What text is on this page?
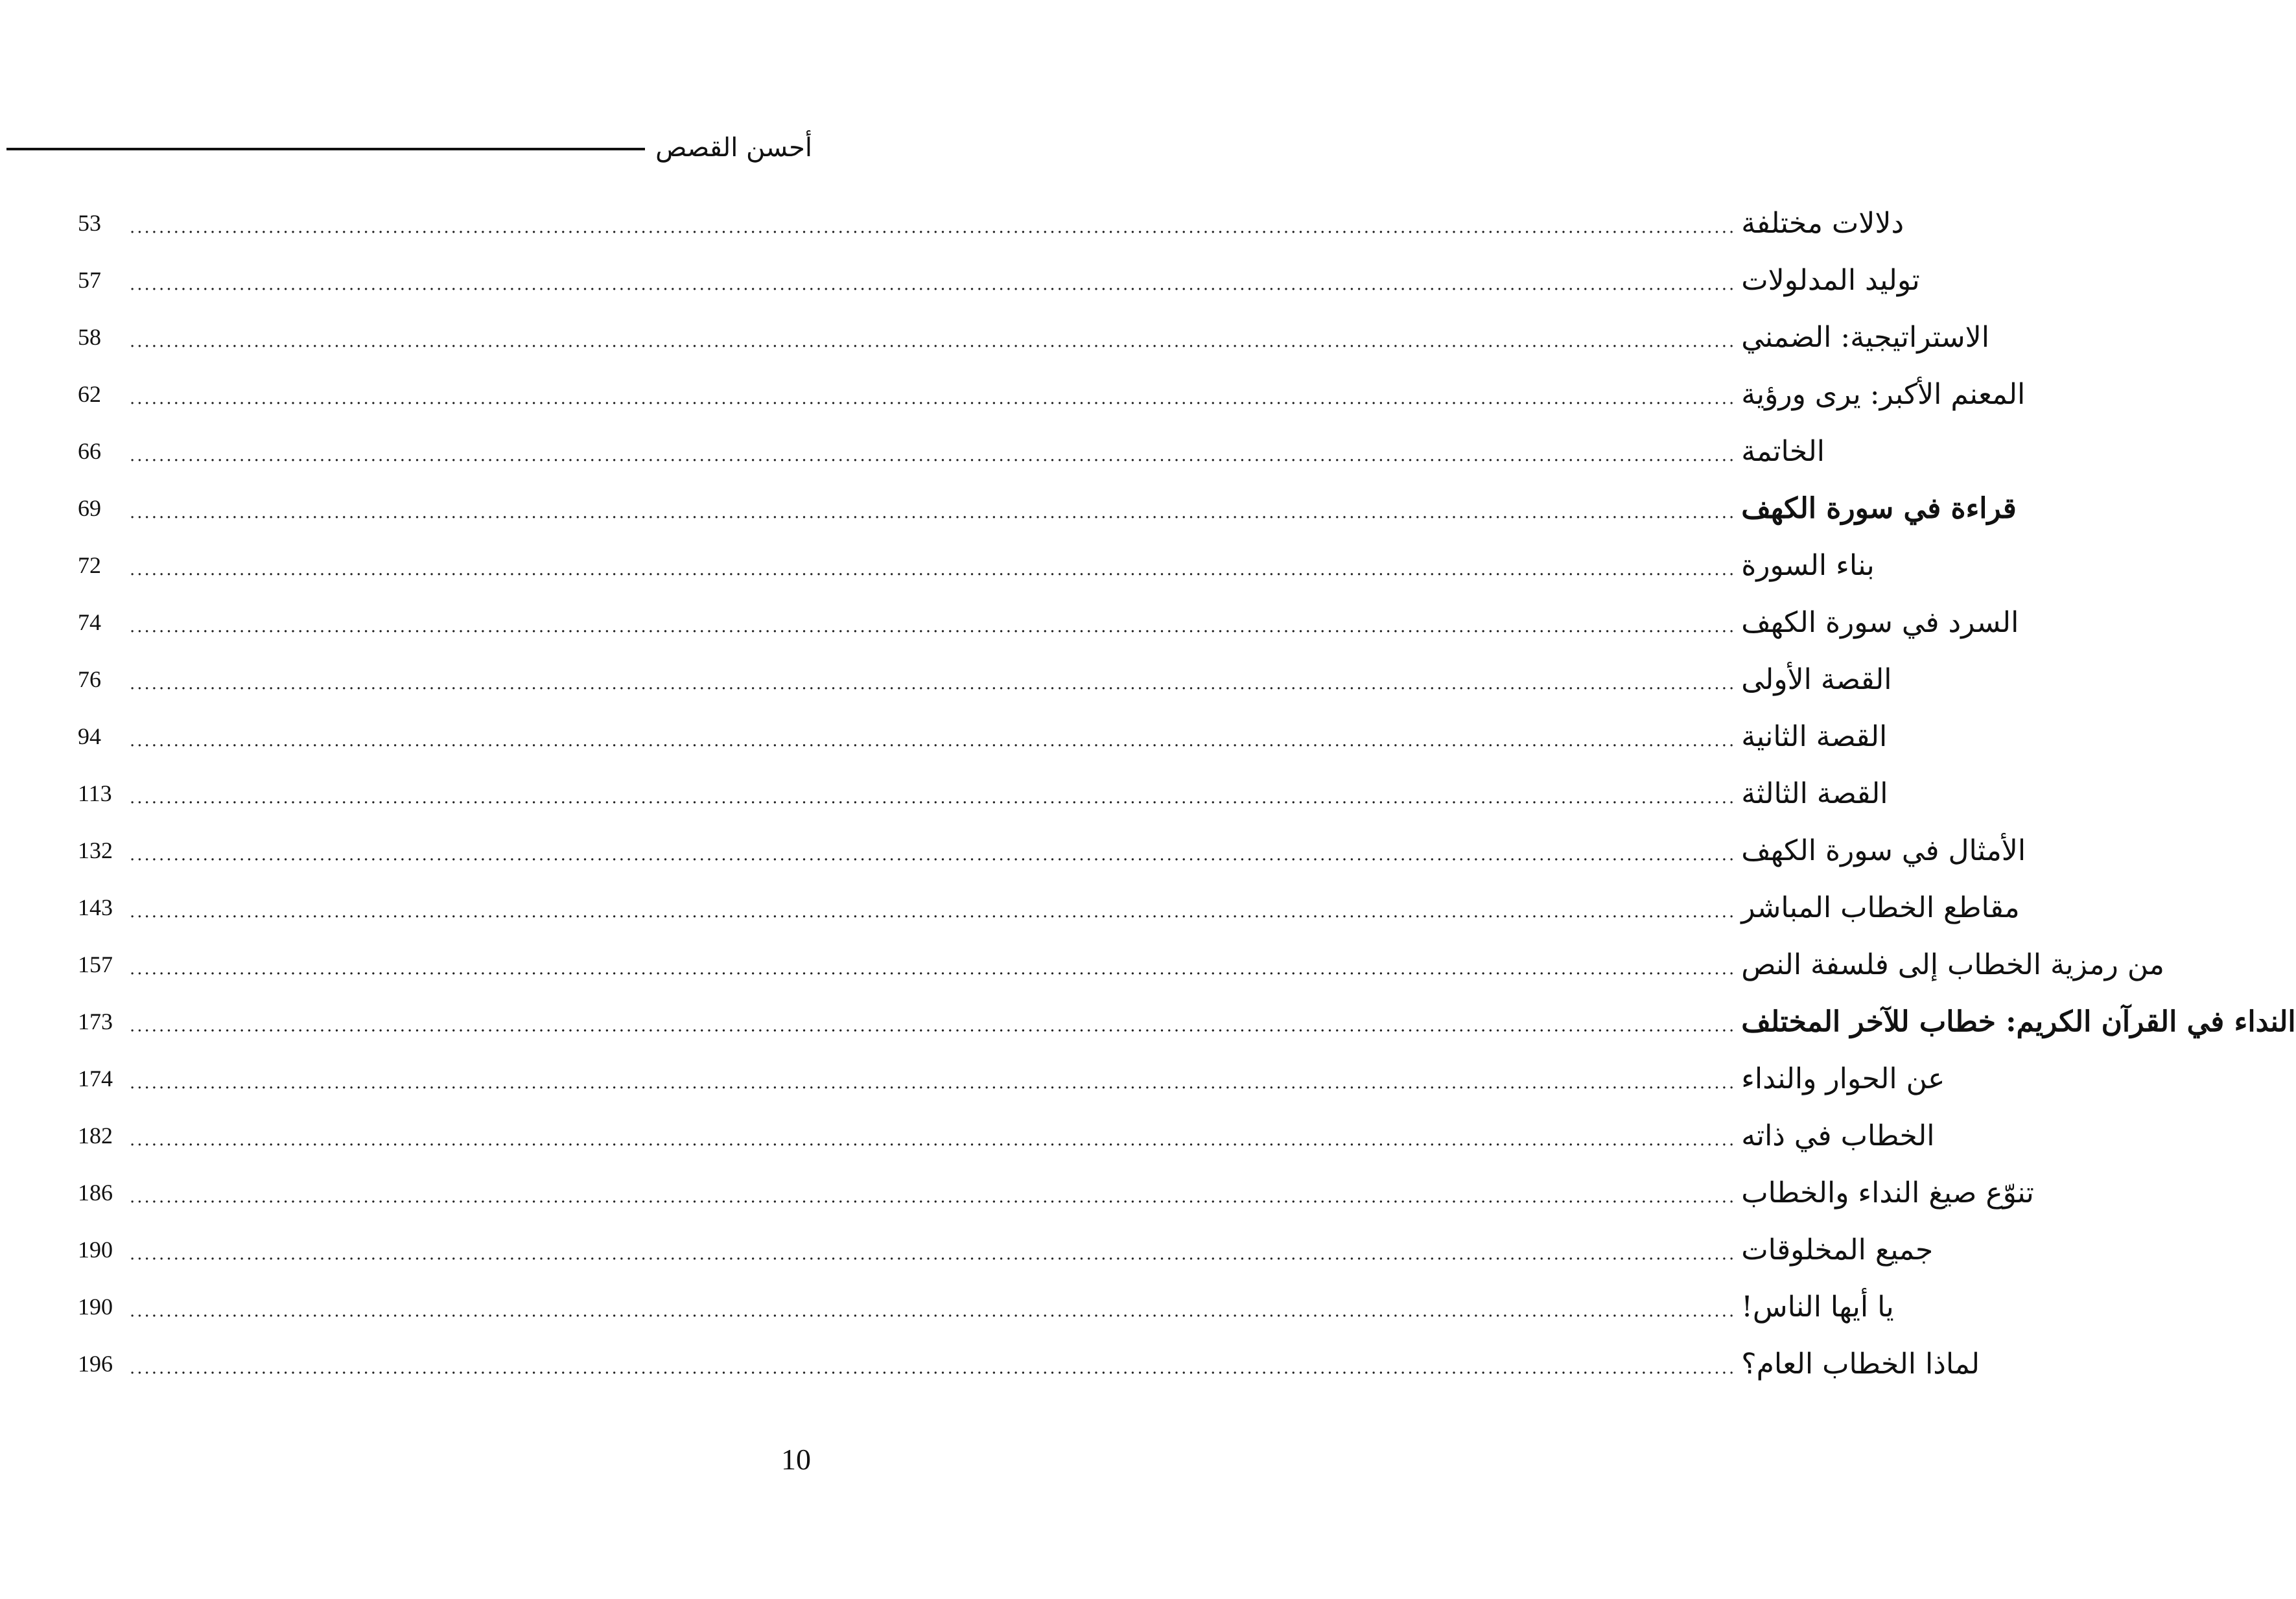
أحسن القصص
53	............................................................................................................................................................................................................................ دلالات مختلفة
57	............................................................................................................................................................................................................................ توليد المدلولات
58	............................................................................................................................................................................................................................ الاستراتيجية: الضمني
62	............................................................................................................................................................................................................................ المعنم الأكبر: يرى ورؤية
66	............................................................................................................................................................................................................................ الخاتمة
69	............................................................................................................................................................................................................................ قراءة في سورة الكهف
72	............................................................................................................................................................................................................................ بناء السورة
74	............................................................................................................................................................................................................................ السرد في سورة الكهف
76	............................................................................................................................................................................................................................ القصة الأولى
94	............................................................................................................................................................................................................................ القصة الثانية
113	............................................................................................................................................................................................................................ القصة الثالثة
132	............................................................................................................................................................................................................................ الأمثال في سورة الكهف
143	............................................................................................................................................................................................................................ مقاطع الخطاب المباشر
157	............................................................................................................................................................................................................................ من رمزية الخطاب إلى فلسفة النص
173	............................................................................................................................................................................................................................ النداء في القرآن الكريم: خطاب للآخر المختلف
174	............................................................................................................................................................................................................................ عن الحوار والنداء
182	............................................................................................................................................................................................................................ الخطاب في ذاته
186	............................................................................................................................................................................................................................ تنوّع صيغ النداء والخطاب
190	............................................................................................................................................................................................................................ جميع المخلوقات
190	............................................................................................................................................................................................................................ يا أيها الناس!
196	............................................................................................................................................................................................................................ لماذا الخطاب العام؟
10
